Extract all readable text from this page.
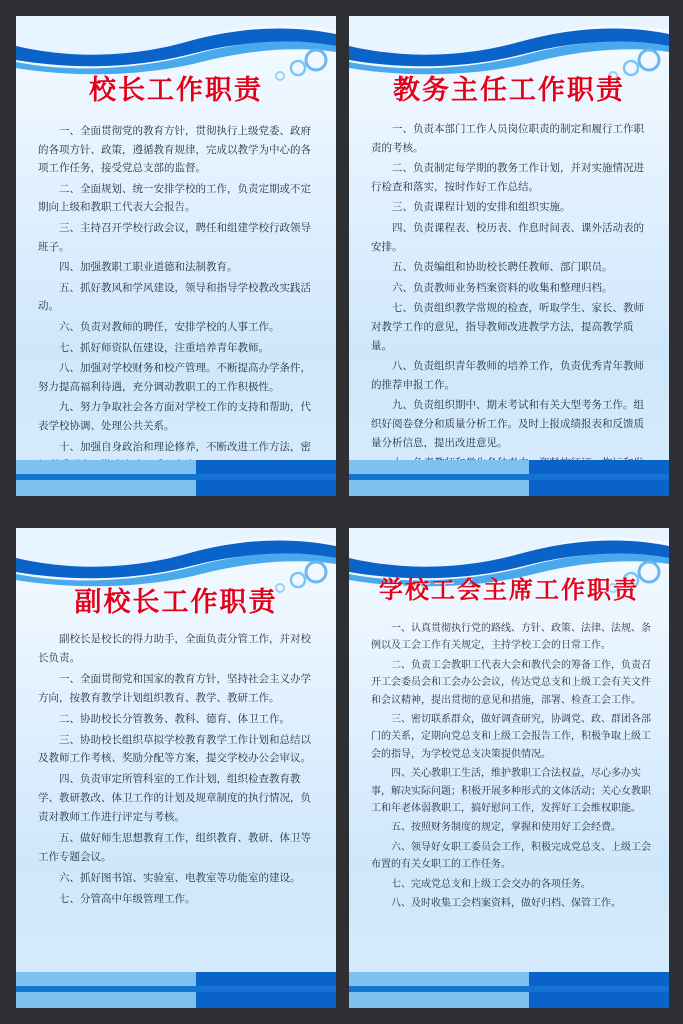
校长工作职责

一、全面贯彻党的教育方针，贯彻执行上级党委、政府的各项方针、政策，遵循教育规律，完成以教学为中心的各项工作任务，接受党总支部的监督。

二、全面规划、统一安排学校的工作，负责定期或不定期向上级和教职工代表大会报告。

三、主持召开学校行政会议，聘任和组建学校行政领导班子。

四、加强教职工职业道德和法制教育。

五、抓好教风和学风建设，领导和指导学校教改实践活动。

六、负责对教师的聘任，安排学校的人事工作。

七、抓好师资队伍建设，注重培养青年教师。

八、加强对学校财务和校产管理。不断提高办学条件，努力提高福利待遇，充分调动教职工的工作积极性。

九、努力争取社会各方面对学校工作的支持和帮助，代表学校协调、处理公共关系。

十、加强自身政治和理论修养，不断改进工作方法，密

教务主任工作职责

一、负责本部门工作人员岗位职责的制定和履行工作职责的考核。

二、负责制定每学期的教务工作计划，并对实施情况进行检查和落实，按时作好工作总结。

三、负责课程计划的安排和组织实施。

四、负责课程表、校历表、作息时间表、课外活动表的安排。

五、负责编组和协助校长聘任教师、部门职员。

六、负责教师业务档案资料的收集和整理归档。

七、负责组织教学常规的检查，听取学生、家长、教师对教学工作的意见，指导教师改进教学方法，提高教学质量。

八、负责组织青年教师的培养工作，负责优秀青年教师的推荐申报工作。

九、负责组织期中、期末考试和有关大型考务工作。组织好阅卷登分和质量分析工作。及时上报成绩报表和反馈质量分析信息，提出改进意见。

副校长工作职责

副校长是校长的得力助手，全面负责分管工作，并对校长负责。

一、全面贯彻党和国家的教育方针，坚持社会主义办学方向，按教育教学计划组织教育、教学、教研工作。

二、协助校长分管教务、教科、德育、体卫工作。

三、协助校长组织草拟学校教育教学工作计划和总结以及教师工作考核、奖励分配等方案，提交学校办公会审议。

四、负责审定所管科室的工作计划，组织检查教育教学、教研教改、体卫工作的计划及规章制度的执行情况，负责对教师工作进行评定与考核。

五、做好师生思想教育工作，组织教育、教研、体卫等工作专题会议。

六、抓好图书馆、实验室、电教室等功能室的建设。

七、分管高中年级管理工作。

学校工会主席工作职责

一、认真贯彻执行党的路线、方针、政策、法律、法规、条例以及工会工作有关规定，主持学校工会的日常工作。

二、负责工会教职工代表大会和教代会的筹备工作，负责召开工会委员会和工会办公会议，传达党总支和上级工会有关文件和会议精神，提出贯彻的意见和措施，部署、检查工会工作。

三、密切联系群众，做好调查研究，协调党、政、群团各部门的关系，定期向党总支和上级工会报告工作，积极争取上级工会的指导，为学校党总支决策提供情况。

四、关心教职工生活，维护教职工合法权益，尽心多办实事，解决实际问题；积极开展多种形式的文体活动；关心女教职工和年老体弱教职工，搞好慰问工作，发挥好工会维权职能。

五、按照财务制度的规定，掌握和使用好工会经费。

六、领导好女职工委员会工作，积极完成党总支、上级工会布置的有关女职工的工作任务。

七、完成党总支和上级工会交办的各项任务。

八、及时收集工会档案资料，做好归档、保管工作。
